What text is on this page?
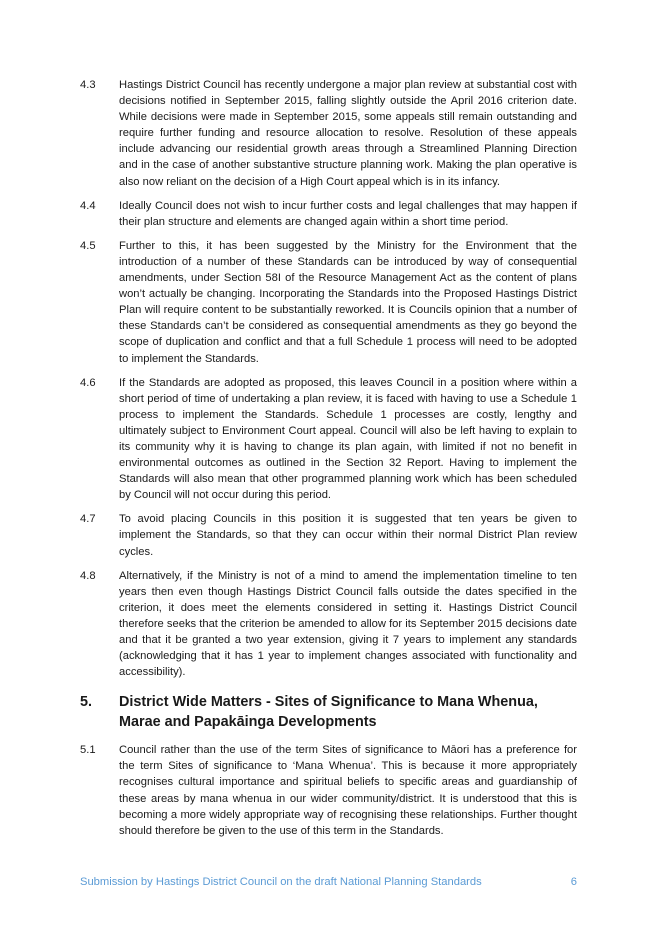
4.3	Hastings District Council has recently undergone a major plan review at substantial cost with decisions notified in September 2015, falling slightly outside the April 2016 criterion date. While decisions were made in September 2015, some appeals still remain outstanding and require further funding and resource allocation to resolve. Resolution of these appeals include advancing our residential growth areas through a Streamlined Planning Direction and in the case of another substantive structure planning work. Making the plan operative is also now reliant on the decision of a High Court appeal which is in its infancy.
4.4	Ideally Council does not wish to incur further costs and legal challenges that may happen if their plan structure and elements are changed again within a short time period.
4.5	Further to this, it has been suggested by the Ministry for the Environment that the introduction of a number of these Standards can be introduced by way of consequential amendments, under Section 58I of the Resource Management Act as the content of plans won’t actually be changing. Incorporating the Standards into the Proposed Hastings District Plan will require content to be substantially reworked. It is Councils opinion that a number of these Standards can’t be considered as consequential amendments as they go beyond the scope of duplication and conflict and that a full Schedule 1 process will need to be adopted to implement the Standards.
4.6	If the Standards are adopted as proposed, this leaves Council in a position where within a short period of time of undertaking a plan review, it is faced with having to use a Schedule 1 process to implement the Standards. Schedule 1 processes are costly, lengthy and ultimately subject to Environment Court appeal. Council will also be left having to explain to its community why it is having to change its plan again, with limited if not no benefit in environmental outcomes as outlined in the Section 32 Report. Having to implement the Standards will also mean that other programmed planning work which has been scheduled by Council will not occur during this period.
4.7	To avoid placing Councils in this position it is suggested that ten years be given to implement the Standards, so that they can occur within their normal District Plan review cycles.
4.8	Alternatively, if the Ministry is not of a mind to amend the implementation timeline to ten years then even though Hastings District Council falls outside the dates specified in the criterion, it does meet the elements considered in setting it. Hastings District Council therefore seeks that the criterion be amended to allow for its September 2015 decisions date and that it be granted a two year extension, giving it 7 years to implement any standards (acknowledging that it has 1 year to implement changes associated with functionality and accessibility).
5.	District Wide Matters - Sites of Significance to Mana Whenua, Marae and Papakāinga Developments
5.1	Council rather than the use of the term Sites of significance to Māori has a preference for the term Sites of significance to ‘Mana Whenua’. This is because it more appropriately recognises cultural importance and spiritual beliefs to specific areas and guardianship of these areas by mana whenua in our wider community/district. It is understood that this is becoming a more widely appropriate way of recognising these relationships. Further thought should therefore be given to the use of this term in the Standards.
Submission by Hastings District Council on the draft National Planning Standards	6
